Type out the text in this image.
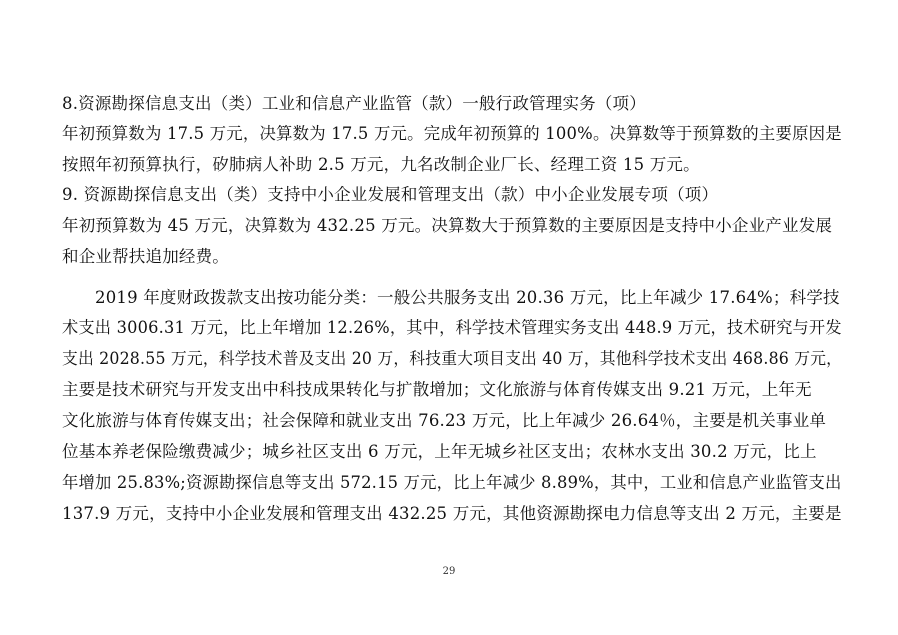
8.资源勘探信息支出（类）工业和信息产业监管（款）一般行政管理实务（项）
年初预算数为 17.5 万元，决算数为 17.5 万元。完成年初预算的 100%。决算数等于预算数的主要原因是
按照年初预算执行，矽肺病人补助 2.5 万元，九名改制企业厂长、经理工资 15 万元。
9. 资源勘探信息支出（类）支持中小企业发展和管理支出（款）中小企业发展专项（项）
年初预算数为 45 万元，决算数为 432.25 万元。决算数大于预算数的主要原因是支持中小企业产业发展
和企业帮扶追加经费。
2019 年度财政拨款支出按功能分类：一般公共服务支出 20.36 万元，比上年减少 17.64%；科学技
术支出 3006.31 万元，比上年增加 12.26%，其中，科学技术管理实务支出 448.9 万元，技术研究与开发
支出 2028.55 万元，科学技术普及支出 20 万，科技重大项目支出 40 万，其他科学技术支出 468.86 万元，
主要是技术研究与开发支出中科技成果转化与扩散增加；文化旅游与体育传媒支出 9.21 万元，上年无
文化旅游与体育传媒支出；社会保障和就业支出 76.23 万元，比上年减少 26.64％，主要是机关事业单
位基本养老保险缴费减少；城乡社区支出 6 万元，上年无城乡社区支出；农林水支出 30.2 万元，比上
年增加 25.83%;资源勘探信息等支出 572.15 万元，比上年减少 8.89%，其中，工业和信息产业监管支出
137.9 万元，支持中小企业发展和管理支出 432.25 万元，其他资源勘探电力信息等支出 2 万元，主要是
29
